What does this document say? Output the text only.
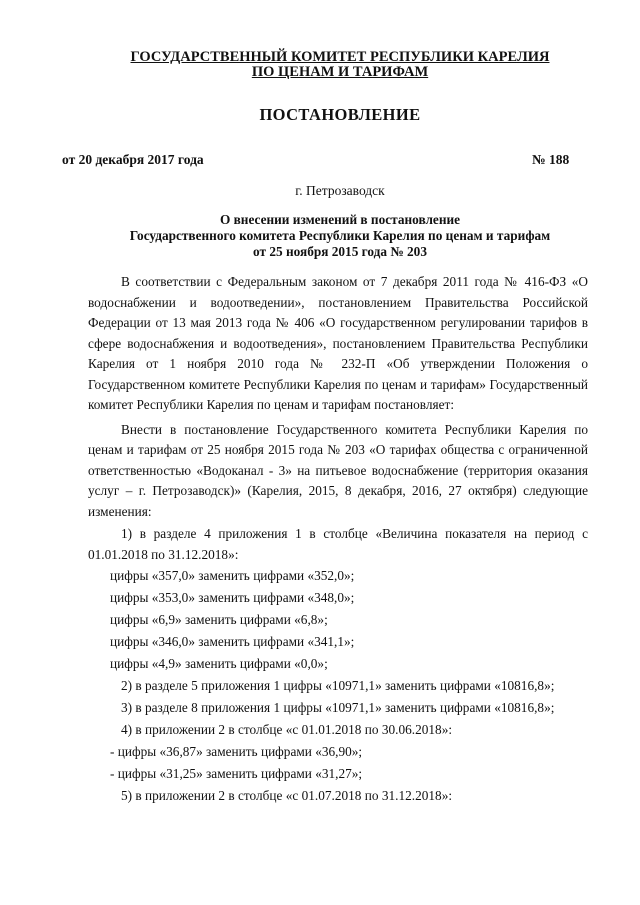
ГОСУДАРСТВЕННЫЙ КОМИТЕТ РЕСПУБЛИКИ КАРЕЛИЯ
ПО ЦЕНАМ И ТАРИФАМ
ПОСТАНОВЛЕНИЕ
от 20 декабря 2017 года	№ 188
г. Петрозаводск
О внесении изменений в постановление
Государственного комитета Республики Карелия по ценам и тарифам
от 25 ноября 2015 года № 203

В соответствии с Федеральным законом от 7 декабря 2011 года № 416-ФЗ «О водоснабжении и водоотведении», постановлением Правительства Российской Федерации от 13 мая 2013 года № 406 «О государственном регулировании тарифов в сфере водоснабжения и водоотведения», постановлением Правительства Республики Карелия от 1 ноября 2010 года № 232-П «Об утверждении Положения о Государственном комитете Республики Карелия по ценам и тарифам» Государственный комитет Республики Карелия по ценам и тарифам постановляет:

Внести в постановление Государственного комитета Республики Карелия по ценам и тарифам от 25 ноября 2015 года № 203 «О тарифах общества с ограниченной ответственностью «Водоканал - 3» на питьевое водоснабжение (территория оказания услуг – г. Петрозаводск)» (Карелия, 2015, 8 декабря, 2016, 27 октября) следующие изменения:

1) в разделе 4 приложения 1 в столбце «Величина показателя на период с 01.01.2018 по 31.12.2018»:

цифры «357,0» заменить цифрами «352,0»;
цифры «353,0» заменить цифрами «348,0»;
цифры «6,9» заменить цифрами «6,8»;
цифры «346,0» заменить цифрами «341,1»;
цифры «4,9» заменить цифрами «0,0»;
2) в разделе 5 приложения 1 цифры «10971,1» заменить цифрами «10816,8»;
3) в разделе 8 приложения 1 цифры «10971,1» заменить цифрами «10816,8»;
4) в приложении 2 в столбце «с 01.01.2018 по 30.06.2018»:
- цифры «36,87» заменить цифрами «36,90»;
- цифры «31,25» заменить цифрами «31,27»;
5) в приложении 2 в столбце «с 01.07.2018 по 31.12.2018»:
